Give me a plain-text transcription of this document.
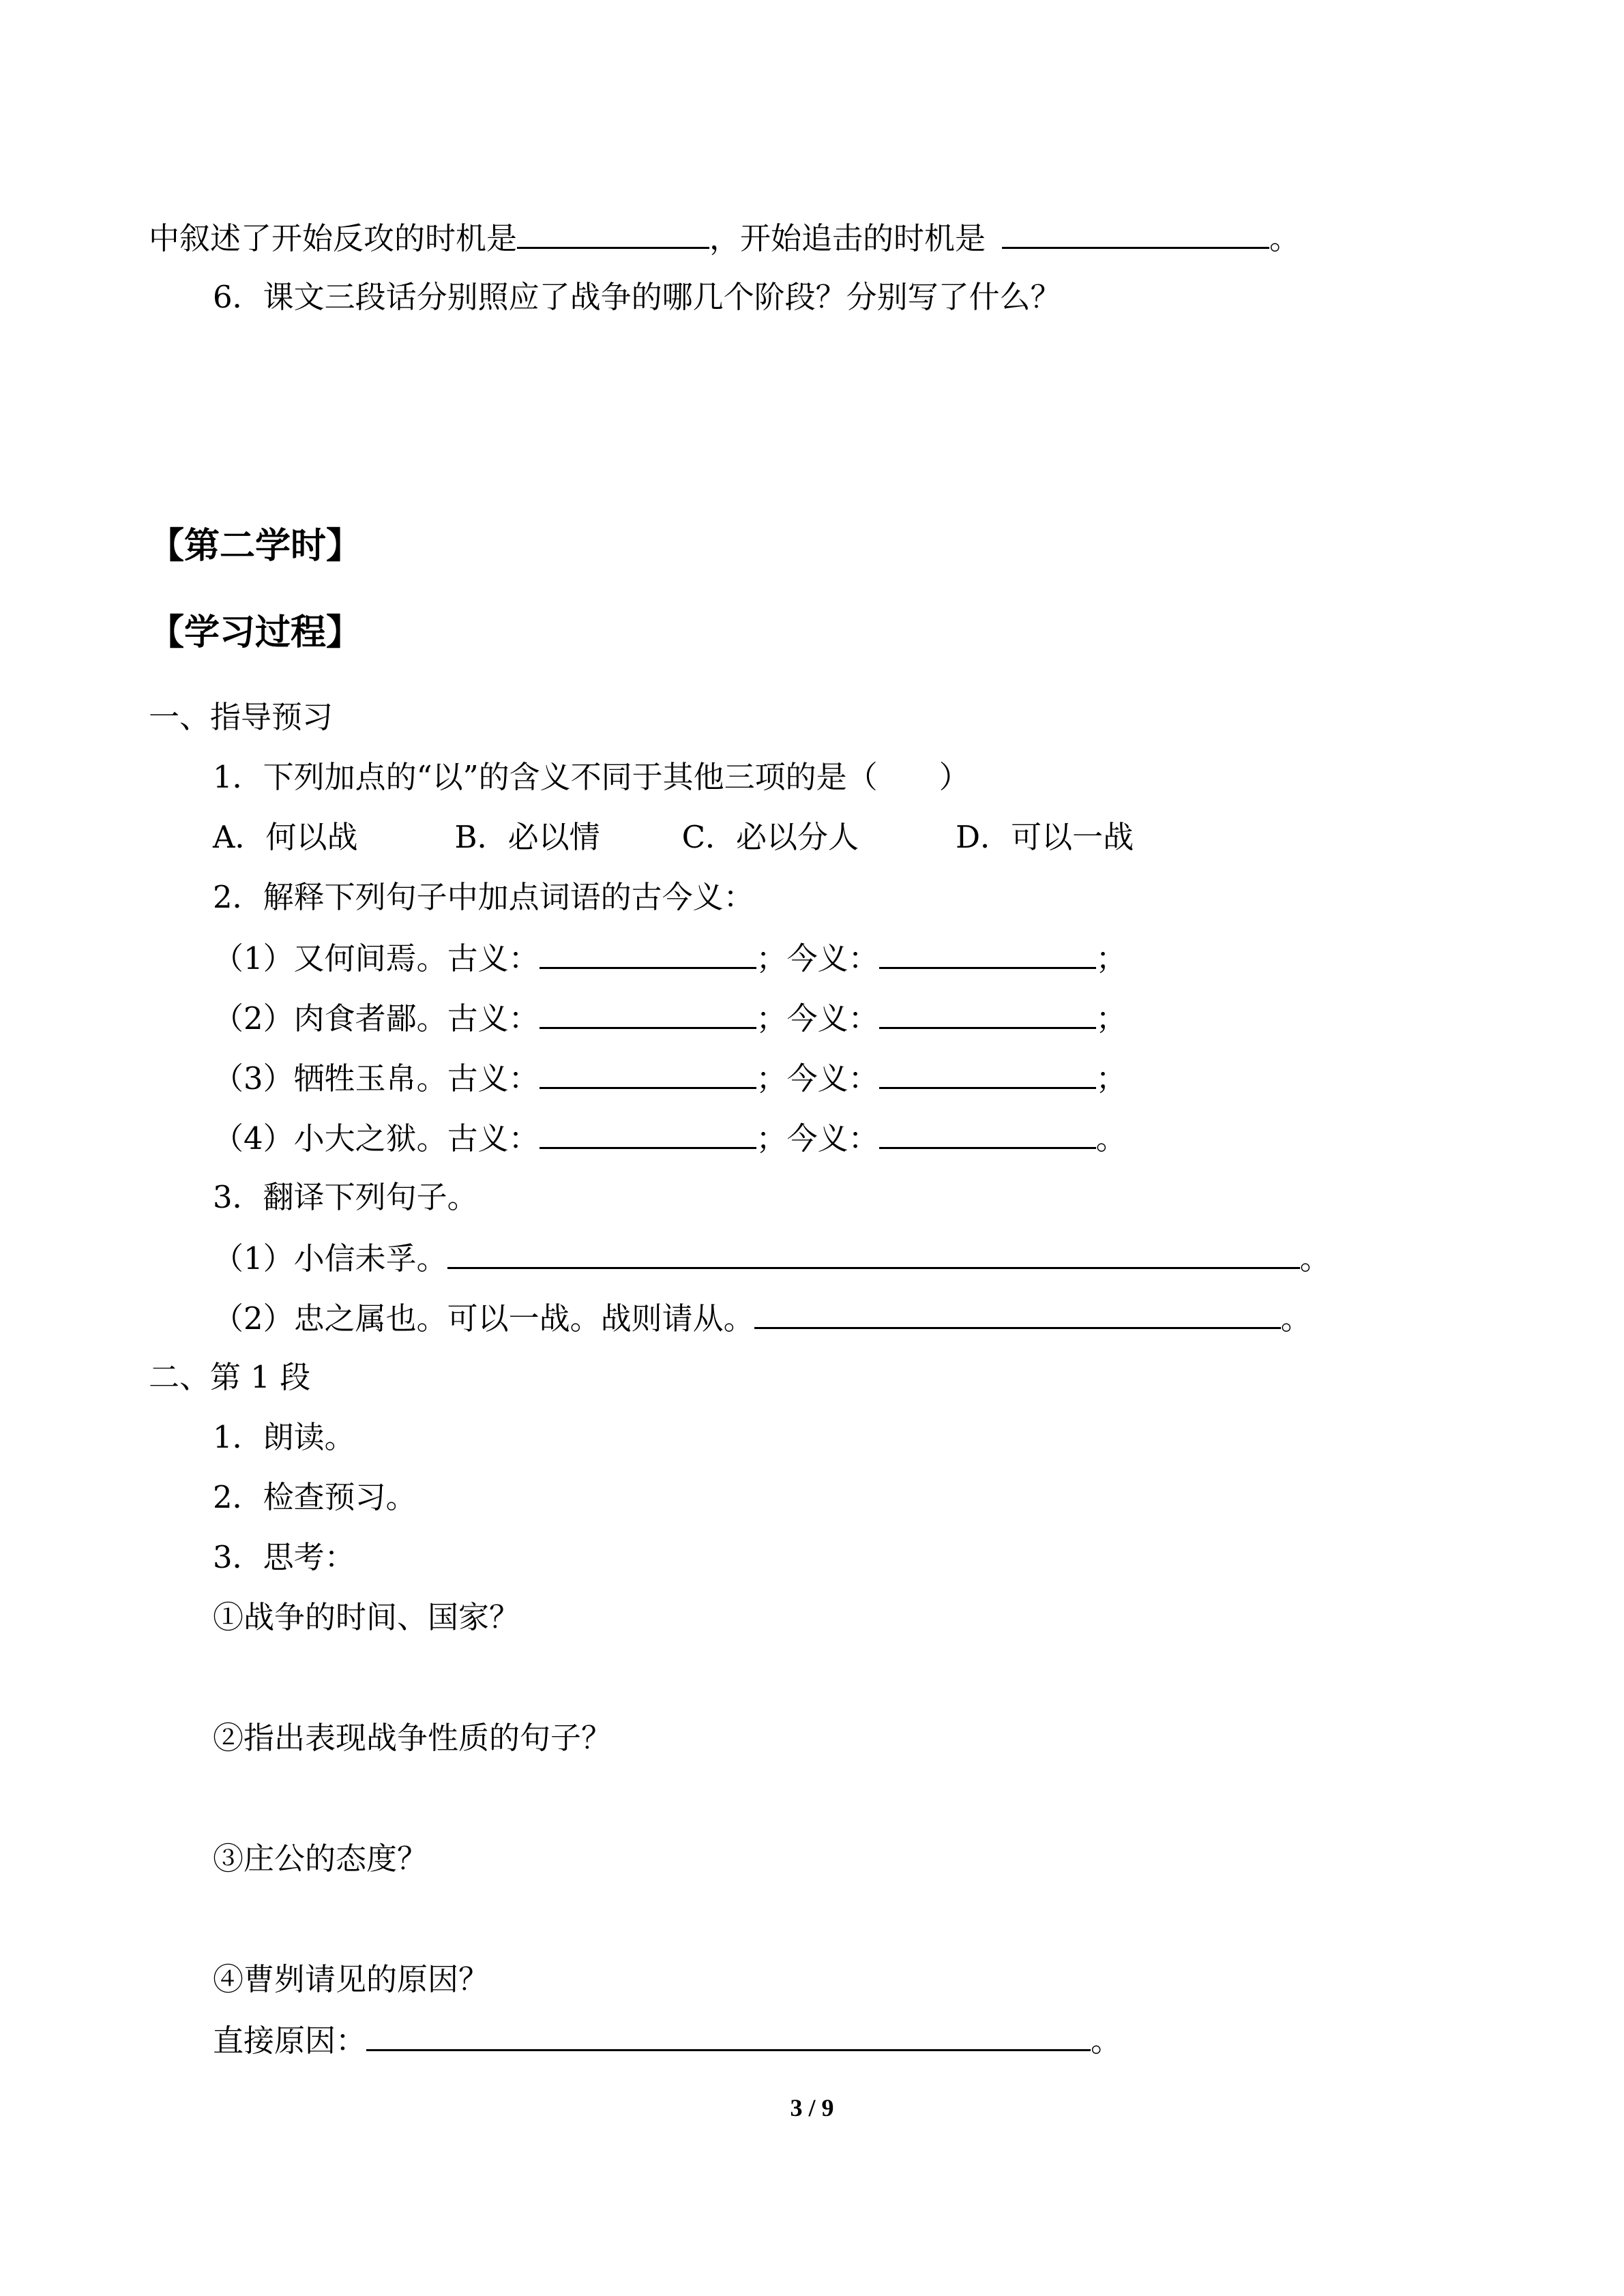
中叙述了开始反攻的时机是	，开始追击的时机是	。
6．课文三段话分别照应了战争的哪几个阶段？分别写了什么？
【第二学时】
【学习过程】
一、指导预习
1．下列加点的“以”的含义不同于其他三项的是（　　）
A．何以战	B．必以情	C．必以分人	D．可以一战
2．解释下列句子中加点词语的古今义：
（1）又何间焉。古义：	；今义：	；
（2）肉食者鄙。古义：	；今义：	；
（3）牺牲玉帛。古义：	；今义：	；
（4）小大之狱。古义：	；今义：	。
3．翻译下列句子。
（1）小信未孚。	。
（2）忠之属也。可以一战。战则请从。	。
二、第 1 段
1．朗读。
2．检查预习。
3．思考：
①战争的时间、国家？
②指出表现战争性质的句子？
③庄公的态度？
④曹刿请见的原因？
直接原因：	。
3 / 9
